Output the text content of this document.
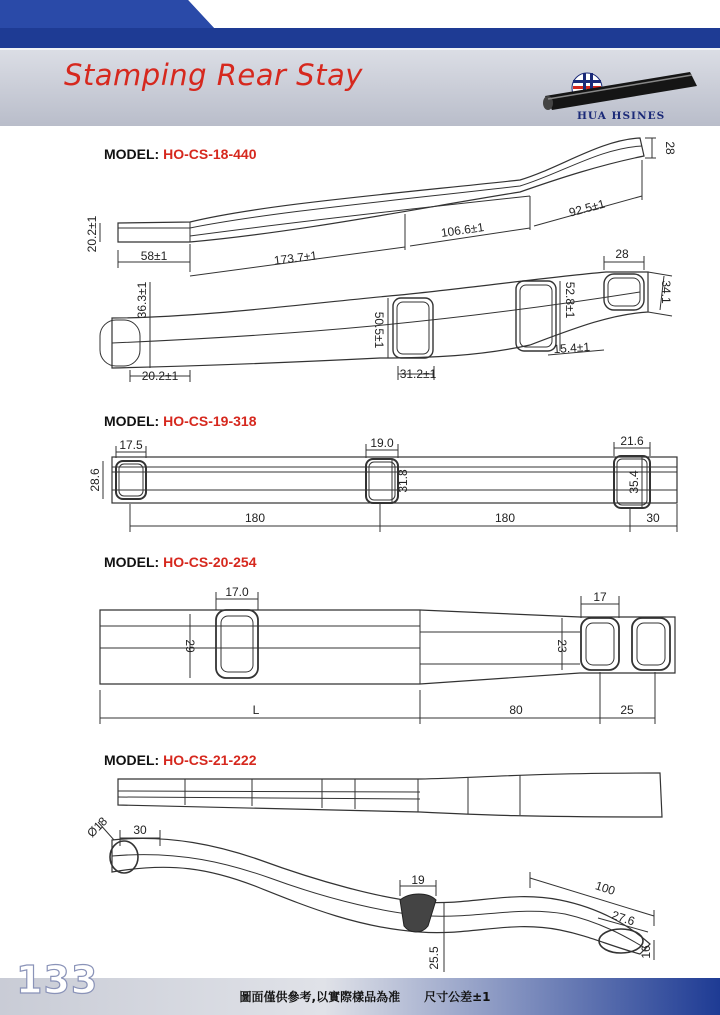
Stamping Rear Stay
HUA HSINES
MODEL: HO-CS-18-440
MODEL: HO-CS-19-318
MODEL: HO-CS-20-254
MODEL: HO-CS-21-222
28
20.2±1
58±1	173.7±1
106.6±1
92.5±1
28
34.1
36.3±1
50.5±1
52.8±1
15.4±1
31.2±1
20.2±1
17.5
28.6
19.0
31.8
21.6
35.4
180	180	30
17.0
29
17
23
L	80	25
Ø18 30
19
25.5
100
27.6
16
133	圖面僅供參考,以實際樣品為准 尺寸公差±1
